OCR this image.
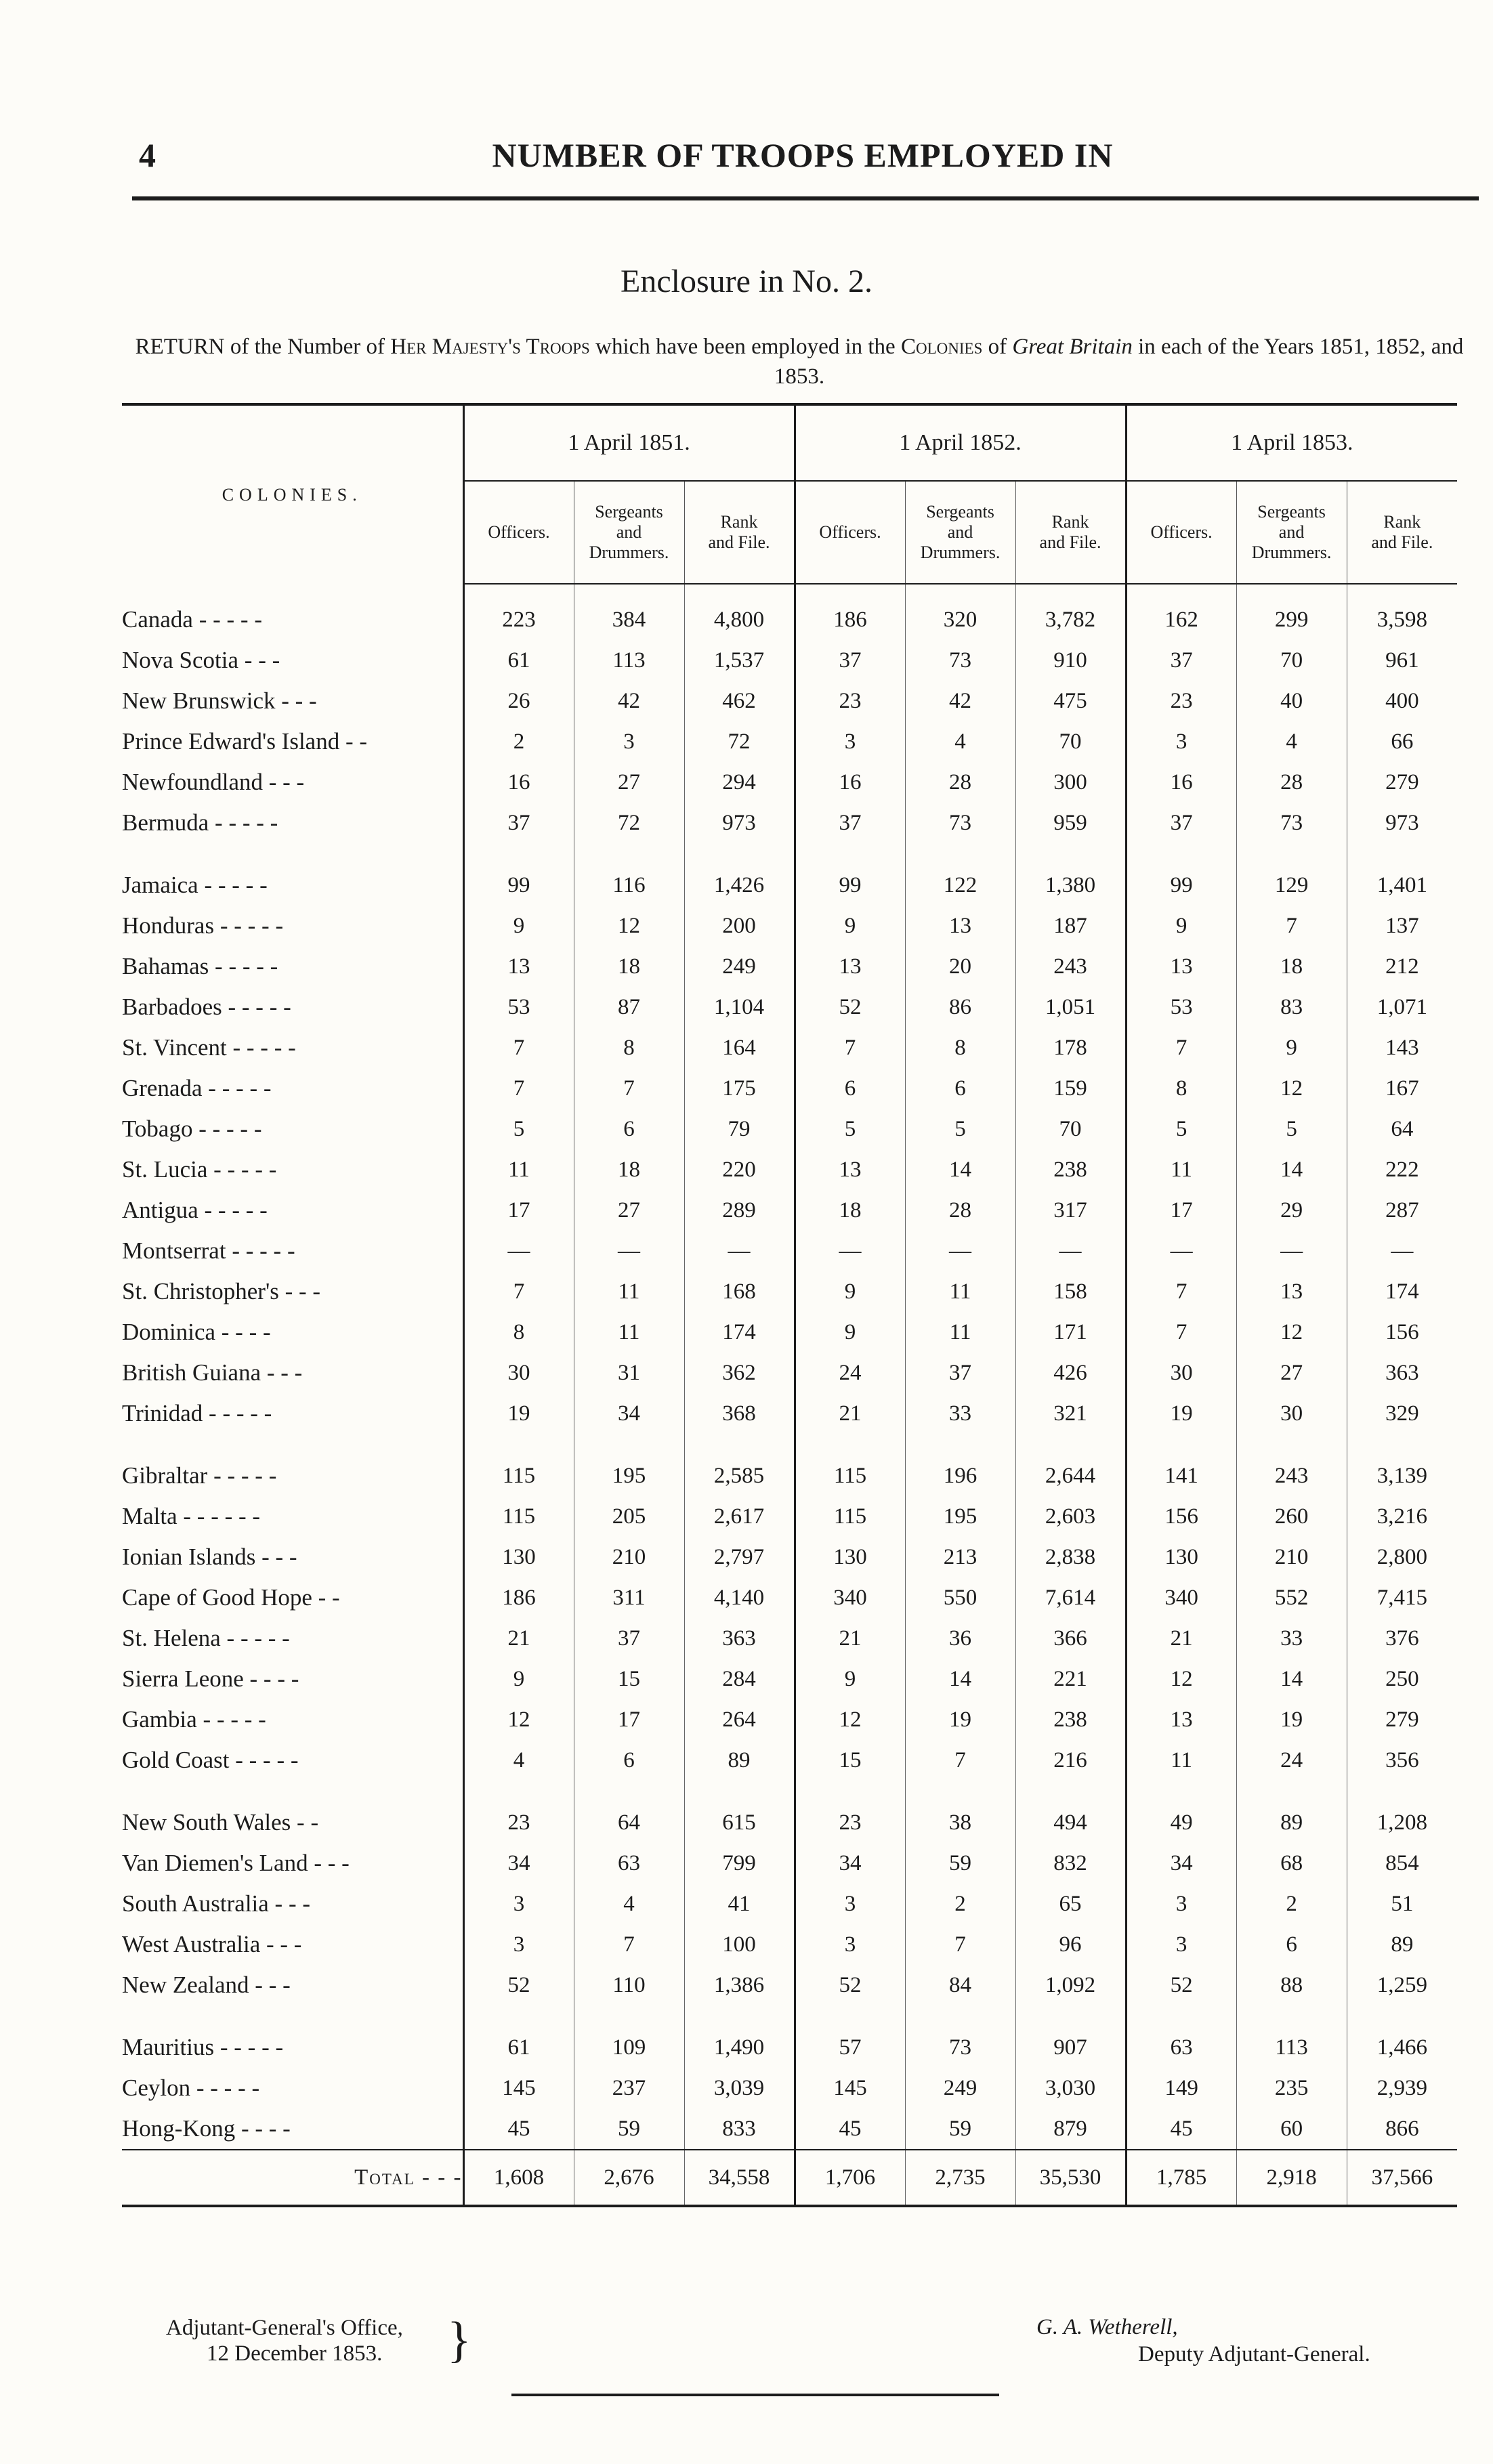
4	NUMBER OF TROOPS EMPLOYED IN
Enclosure in No. 2.
RETURN of the Number of Her Majesty's Troops which have been employed in the Colonies of Great Britain in each of the Years 1851, 1852, and 1853.
COLONIES.	1 April 1851.			1 April 1852.			1 April 1853.		
	Officers.	Sergeants
and
Drummers.	Rank
and File.	Officers.	Sergeants
and
Drummers.	Rank
and File.	Officers.	Sergeants
and
Drummers.	Rank
and File.
Canada - - - - -	223	384	4,800	186	320	3,782	162	299	3,598
Nova Scotia - - -	61	113	1,537	37	73	910	37	70	961
New Brunswick - - -	26	42	462	23	42	475	23	40	400
Prince Edward's Island - -	2	3	72	3	4	70	3	4	66
Newfoundland - - -	16	27	294	16	28	300	16	28	279
Bermuda - - - - -	37	72	973	37	73	959	37	73	973
Jamaica - - - - -	99	116	1,426	99	122	1,380	99	129	1,401
Honduras - - - - -	9	12	200	9	13	187	9	7	137
Bahamas - - - - -	13	18	249	13	20	243	13	18	212
Barbadoes - - - - -	53	87	1,104	52	86	1,051	53	83	1,071
St. Vincent - - - - -	7	8	164	7	8	178	7	9	143
Grenada - - - - -	7	7	175	6	6	159	8	12	167
Tobago - - - - -	5	6	79	5	5	70	5	5	64
St. Lucia - - - - -	11	18	220	13	14	238	11	14	222
Antigua - - - - -	17	27	289	18	28	317	17	29	287
Montserrat - - - - -	—	—	—	—	—	—	—	—	—
St. Christopher's - - -	7	11	168	9	11	158	7	13	174
Dominica - - - -	8	11	174	9	11	171	7	12	156
British Guiana - - -	30	31	362	24	37	426	30	27	363
Trinidad - - - - -	19	34	368	21	33	321	19	30	329
Gibraltar - - - - -	115	195	2,585	115	196	2,644	141	243	3,139
Malta - - - - - -	115	205	2,617	115	195	2,603	156	260	3,216
Ionian Islands - - -	130	210	2,797	130	213	2,838	130	210	2,800
Cape of Good Hope - -	186	311	4,140	340	550	7,614	340	552	7,415
St. Helena - - - - -	21	37	363	21	36	366	21	33	376
Sierra Leone - - - -	9	15	284	9	14	221	12	14	250
Gambia - - - - -	12	17	264	12	19	238	13	19	279
Gold Coast - - - - -	4	6	89	15	7	216	11	24	356
New South Wales - -	23	64	615	23	38	494	49	89	1,208
Van Diemen's Land - - -	34	63	799	34	59	832	34	68	854
South Australia - - -	3	4	41	3	2	65	3	2	51
West Australia - - -	3	7	100	3	7	96	3	6	89
New Zealand - - -	52	110	1,386	52	84	1,092	52	88	1,259
Mauritius - - - - -	61	109	1,490	57	73	907	63	113	1,466
Ceylon - - - - -	145	237	3,039	145	249	3,030	149	235	2,939
Hong-Kong - - - -	45	59	833	45	59	879	45	60	866
Total - - -	1,608	2,676	34,558	1,706	2,735	35,530	1,785	2,918	37,566
Adjutant-General's Office,
12 December 1853.	}	G. A. Wetherell,
Deputy Adjutant-General.
